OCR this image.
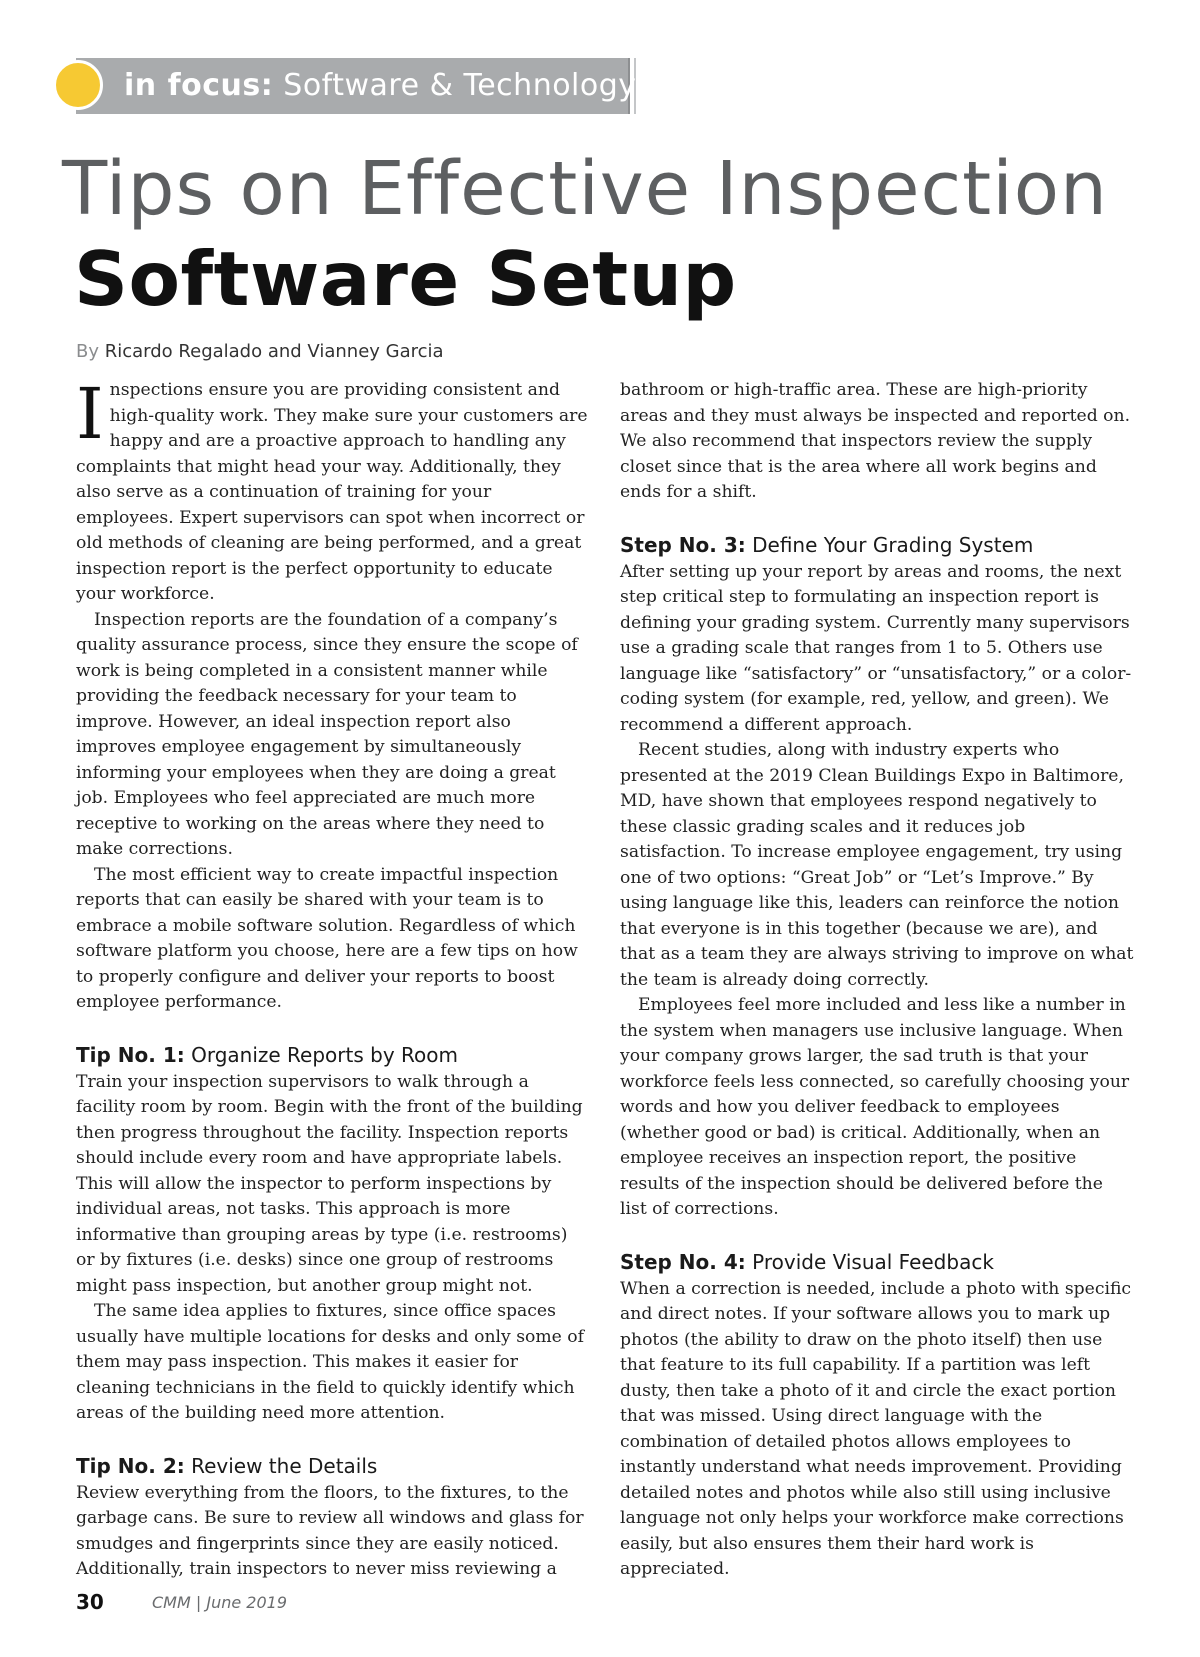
in focus: Software & Technology
Tips on Effective Inspection
Software Setup
By Ricardo Regalado and Vianney Garcia

Inspections ensure you are providing consistent and high-quality work. They make sure your customers are happy and are a proactive approach to handling any complaints that might head your way. Additionally, they also serve as a continuation of training for your employees. Expert supervisors can spot when incorrect or old methods of cleaning are being performed, and a great inspection report is the perfect opportunity to educate your workforce.

Inspection reports are the foundation of a company’s quality assurance process, since they ensure the scope of work is being completed in a consistent manner while providing the feedback necessary for your team to improve. However, an ideal inspection report also improves employee engagement by simultaneously informing your employees when they are doing a great job. Employees who feel appreciated are much more receptive to working on the areas where they need to make corrections.

The most efficient way to create impactful inspection reports that can easily be shared with your team is to embrace a mobile software solution. Regardless of which software platform you choose, here are a few tips on how to properly configure and deliver your reports to boost employee performance.

Tip No. 1: Organize Reports by Room

Train your inspection supervisors to walk through a facility room by room. Begin with the front of the building then progress throughout the facility. Inspection reports should include every room and have appropriate labels. This will allow the inspector to perform inspections by individual areas, not tasks. This approach is more informative than grouping areas by type (i.e. restrooms) or by fixtures (i.e. desks) since one group of restrooms might pass inspection, but another group might not.

The same idea applies to fixtures, since office spaces usually have multiple locations for desks and only some of them may pass inspection. This makes it easier for cleaning technicians in the field to quickly identify which areas of the building need more attention.

Tip No. 2: Review the Details

Review everything from the floors, to the fixtures, to the garbage cans. Be sure to review all windows and glass for smudges and fingerprints since they are easily noticed. Additionally, train inspectors to never miss reviewing a

bathroom or high-traffic area. These are high-priority areas and they must always be inspected and reported on. We also recommend that inspectors review the supply closet since that is the area where all work begins and ends for a shift.

Step No. 3: Define Your Grading System

After setting up your report by areas and rooms, the next step critical step to formulating an inspection report is defining your grading system. Currently many supervisors use a grading scale that ranges from 1 to 5. Others use language like “satisfactory” or “unsatisfactory,” or a color-coding system (for example, red, yellow, and green). We recommend a different approach.

Recent studies, along with industry experts who presented at the 2019 Clean Buildings Expo in Baltimore, MD, have shown that employees respond negatively to these classic grading scales and it reduces job satisfaction. To increase employee engagement, try using one of two options: “Great Job” or “Let’s Improve.” By using language like this, leaders can reinforce the notion that everyone is in this together (because we are), and that as a team they are always striving to improve on what the team is already doing correctly.

Employees feel more included and less like a number in the system when managers use inclusive language. When your company grows larger, the sad truth is that your workforce feels less connected, so carefully choosing your words and how you deliver feedback to employees (whether good or bad) is critical. Additionally, when an employee receives an inspection report, the positive results of the inspection should be delivered before the list of corrections.

Step No. 4: Provide Visual Feedback

When a correction is needed, include a photo with specific and direct notes. If your software allows you to mark up photos (the ability to draw on the photo itself) then use that feature to its full capability. If a partition was left dusty, then take a photo of it and circle the exact portion that was missed. Using direct language with the combination of detailed photos allows employees to instantly understand what needs improvement. Providing detailed notes and photos while also still using inclusive language not only helps your workforce make corrections easily, but also ensures them their hard work is appreciated.

30	CMM | June 2019
